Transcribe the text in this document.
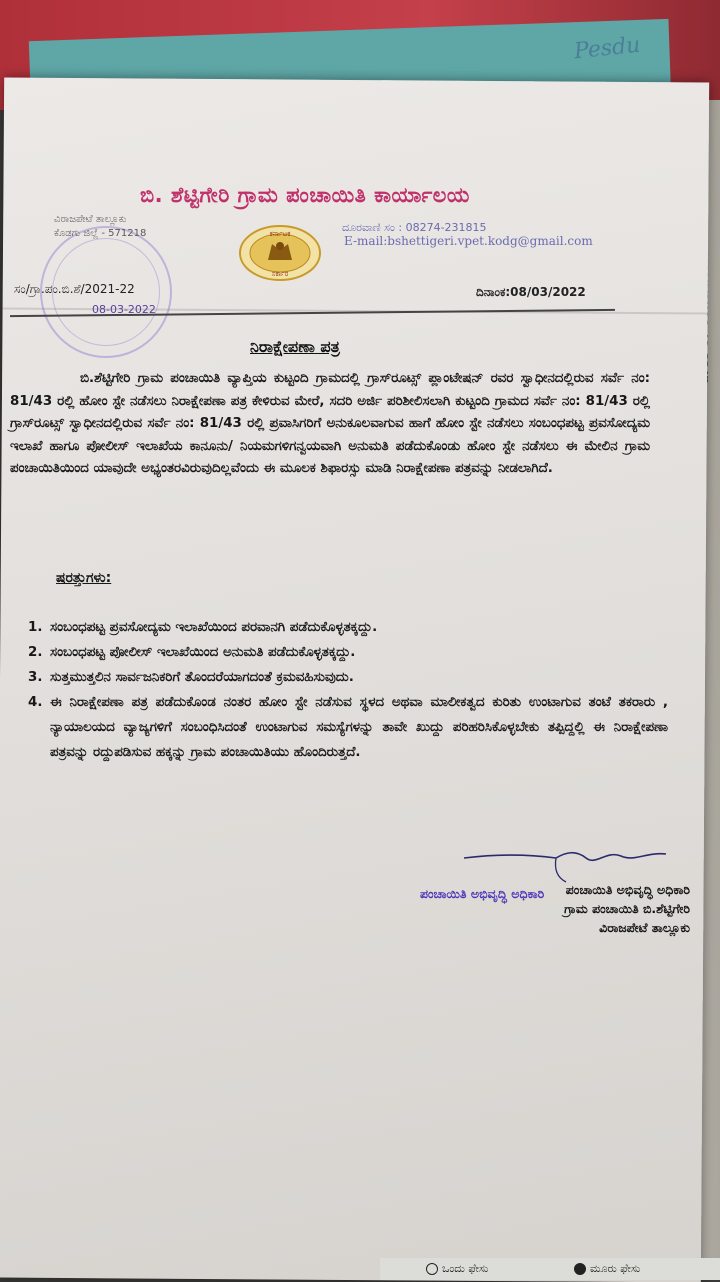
Pesdu
ಬಿ. ಶೆಟ್ಟಿಗೇರಿ ಗ್ರಾಮ ಪಂಚಾಯಿತಿ ಕಾರ್ಯಾಲಯ
ವಿರಾಜಪೇಟೆ ತಾಲ್ಲೂಕು
ಕೊಡಗು ಜಿಲ್ಲೆ - 571218	ದೂರವಾಣಿ ಸಂ : 08274-231815
E-mail:bshettigeri.vpet.kodg@gmail.com
ಕರ್ನಾಟಕ
ಸರ್ಕಾರ
ಸಂ/ಗ್ರಾ.ಪಂ.ಬಿ.ಶೆ/2021-22
08-03-2022
ದಿನಾಂಕ:08/03/2022
ನಿರಾಕ್ಷೇಪಣಾ ಪತ್ರ
ಬಿ.ಶೆಟ್ಟಿಗೇರಿ ಗ್ರಾಮ ಪಂಚಾಯಿತಿ ವ್ಯಾಪ್ತಿಯ ಕುಟ್ಟಂದಿ ಗ್ರಾಮದಲ್ಲಿ ಗ್ರಾಸ್‌ರೂಟ್ಸ್ ಪ್ಲಾಂಟೇಷನ್ ರವರ ಸ್ವಾಧೀನದಲ್ಲಿರುವ ಸರ್ವೆ ನಂ: 81/43 ರಲ್ಲಿ ಹೋಂ ಸ್ಟೇ ನಡೆಸಲು ನಿರಾಕ್ಷೇಪಣಾ ಪತ್ರ ಕೇಳಿರುವ ಮೇರೆ, ಸದರಿ ಅರ್ಜಿ ಪರಿಶೀಲಿಸಲಾಗಿ ಕುಟ್ಟಂದಿ ಗ್ರಾಮದ ಸರ್ವೆ ನಂ: 81/43 ರಲ್ಲಿ ಗ್ರಾಸ್‌ರೂಟ್ಸ್ ಸ್ವಾಧೀನದಲ್ಲಿರುವ ಸರ್ವೆ ನಂ: 81/43 ರಲ್ಲಿ ಪ್ರವಾಸಿಗರಿಗೆ ಅನುಕೂಲವಾಗುವ ಹಾಗೆ ಹೋಂ ಸ್ಟೇ ನಡೆಸಲು ಸಂಬಂಧಪಟ್ಟ ಪ್ರವಸೋದ್ಯಮ ಇಲಾಖೆ ಹಾಗೂ ಪೋಲೀಸ್ ಇಲಾಖೆಯ ಕಾನೂನು/ ನಿಯಮಗಳಿಗನ್ವಯವಾಗಿ ಅನುಮತಿ ಪಡೆದುಕೊಂಡು ಹೋಂ ಸ್ಟೇ ನಡೆಸಲು ಈ ಮೇಲಿನ ಗ್ರಾಮ ಪಂಚಾಯಿತಿಯಿಂದ ಯಾವುದೇ ಅಭ್ಯಂತರವಿರುವುದಿಲ್ಲವೆಂದು ಈ ಮೂಲಕ ಶಿಫಾರಸ್ಸು ಮಾಡಿ ನಿರಾಕ್ಷೇಪಣಾ ಪತ್ರವನ್ನು ನೀಡಲಾಗಿದೆ.
ಷರತ್ತುಗಳು:
1. ಸಂಬಂಧಪಟ್ಟ ಪ್ರವಸೋದ್ಯಮ ಇಲಾಖೆಯಿಂದ ಪರವಾನಗಿ ಪಡೆದುಕೊಳ್ಳತಕ್ಕದ್ದು.
2. ಸಂಬಂಧಪಟ್ಟ ಪೋಲೀಸ್ ಇಲಾಖೆಯಿಂದ ಅನುಮತಿ ಪಡೆದುಕೊಳ್ಳತಕ್ಕದ್ದು.
3. ಸುತ್ತಮುತ್ತಲಿನ ಸಾರ್ವಜನಿಕರಿಗೆ ತೊಂದರೆಯಾಗದಂತೆ ಕ್ರಮವಹಿಸುವುದು.
4. ಈ ನಿರಾಕ್ಷೇಪಣಾ ಪತ್ರ ಪಡೆದುಕೊಂಡ ನಂತರ ಹೋಂ ಸ್ಟೇ ನಡೆಸುವ ಸ್ಥಳದ ಅಥವಾ ಮಾಲೀಕತ್ವದ ಕುರಿತು ಉಂಟಾಗುವ ತಂಟೆ ತಕರಾರು , ನ್ಯಾಯಾಲಯದ ವ್ಯಾಜ್ಯಗಳಿಗೆ ಸಂಬಂಧಿಸಿದಂತೆ ಉಂಟಾಗುವ ಸಮಸ್ಯೆಗಳನ್ನು ತಾವೇ ಖುದ್ದು ಪರಿಹರಿಸಿಕೊಳ್ಳಬೇಕು ತಪ್ಪಿದ್ದಲ್ಲಿ ಈ ನಿರಾಕ್ಷೇಪಣಾ ಪತ್ರವನ್ನು ರದ್ದುಪಡಿಸುವ ಹಕ್ಕನ್ನು ಗ್ರಾಮ ಪಂಚಾಯಿತಿಯು ಹೊಂದಿರುತ್ತದೆ.
ಪಂಚಾಯಿತಿ ಅಭಿವೃದ್ಧಿ ಅಧಿಕಾರಿ	ಪಂಚಾಯಿತಿ ಅಭಿವೃದ್ಧಿ ಅಧಿಕಾರಿ
ಗ್ರಾಮ ಪಂಚಾಯಿತಿ ಬಿ.ಶೆಟ್ಟಿಗೇರಿ
ವಿರಾಜಪೇಟೆ ತಾಲ್ಲೂಕು
ಒಂದು ಫೇಸು	ಮೂರು ಫೇಸು
